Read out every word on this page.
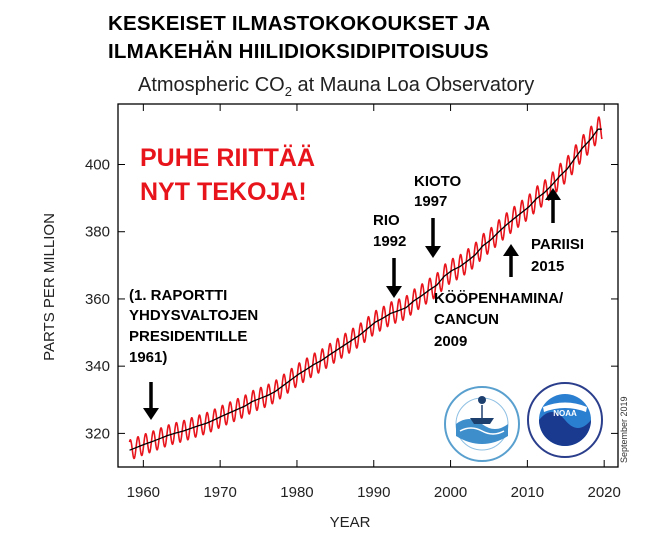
KESKEISET ILMASTOKOKOUKSET JA
ILMAKEHÄN HIILIDIOKSIDIPITOISUUS
Atmospheric $CO_2$ at Mauna Loa Observatory
320
340
360
380
400
1960	1970	1980	1990	2000	2010	2020
YEAR
PARTS PER MILLION
PUHE RIITTÄÄ
NYT TEKOJA!
(1. RAPORTTI
YHDYSVALTOJEN
PRESIDENTILLE
1961)
RIO
1992
KIOTO
1997
KÖÖPENHAMINA/
CANCUN
2009
PARIISI
2015
NOAA	September 2019
